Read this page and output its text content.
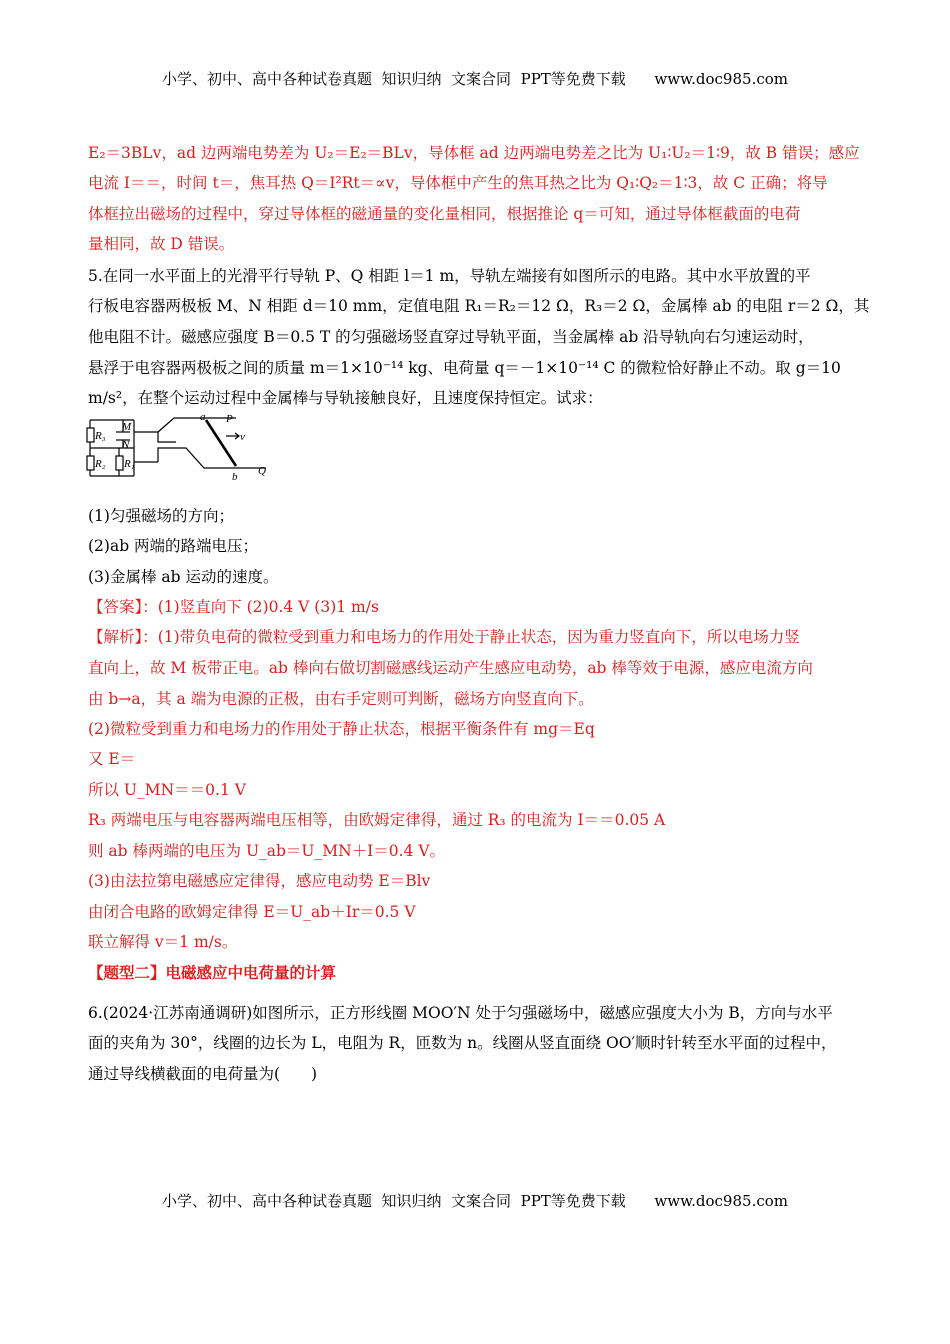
小学、初中、高中各种试卷真题  知识归纳  文案合同  PPT等免费下载      www.doc985.com
E₂＝3BLv，ad 边两端电势差为 U₂＝E₂＝BLv，导体框 ad 边两端电势差之比为 U₁∶U₂＝1∶9，故 B 错误；感应
电流 I＝＝，时间 t＝，焦耳热 Q＝I²Rt＝∝v，导体框中产生的焦耳热之比为 Q₁∶Q₂＝1∶3，故 C 正确；将导
体框拉出磁场的过程中，穿过导体框的磁通量的变化量相同，根据推论 q＝可知，通过导体框截面的电荷
量相同，故 D 错误。
5.在同一水平面上的光滑平行导轨 P、Q 相距 l＝1 m，导轨左端接有如图所示的电路。其中水平放置的平
行板电容器两极板 M、N 相距 d＝10 mm，定值电阻 R₁＝R₂＝12 Ω，R₃＝2 Ω，金属棒 ab 的电阻 r＝2 Ω，其
他电阻不计。磁感应强度 B＝0.5 T 的匀强磁场竖直穿过导轨平面，当金属棒 ab 沿导轨向右匀速运动时，
悬浮于电容器两极板之间的质量 m＝1×10⁻¹⁴ kg、电荷量 q＝－1×10⁻¹⁴ C 的微粒恰好静止不动。取 g＝10
m/s²，在整个运动过程中金属棒与导轨接触良好，且速度保持恒定。试求：
(1)匀强磁场的方向；
(2)ab 两端的路端电压；
(3)金属棒 ab 运动的速度。
【答案】：(1)竖直向下 (2)0.4 V (3)1 m/s
【解析】：(1)带负电荷的微粒受到重力和电场力的作用处于静止状态，因为重力竖直向下，所以电场力竖
直向上，故 M 板带正电。ab 棒向右做切割磁感线运动产生感应电动势，ab 棒等效于电源，感应电流方向
由 b→a，其 a 端为电源的正极，由右手定则可判断，磁场方向竖直向下。
(2)微粒受到重力和电场力的作用处于静止状态，根据平衡条件有 mg＝Eq
又 E＝
所以 U_MN＝＝0.1 V
R₃ 两端电压与电容器两端电压相等，由欧姆定律得，通过 R₃ 的电流为 I＝＝0.05 A
则 ab 棒两端的电压为 U_ab＝U_MN＋I＝0.4 V。
(3)由法拉第电磁感应定律得，感应电动势 E＝Blv
由闭合电路的欧姆定律得 E＝U_ab＋Ir＝0.5 V
联立解得 v＝1 m/s。
【题型二】电磁感应中电荷量的计算
6.(2024·江苏南通调研)如图所示，正方形线圈 MOO′N 处于匀强磁场中，磁感应强度大小为 B，方向与水平
面的夹角为 30°，线圈的边长为 L，电阻为 R，匝数为 n。线圈从竖直面绕 OO′顺时针转至水平面的过程中，
通过导线横截面的电荷量为(　　)
R₃
M
N
R₂ R₁
a P
v
b Q
小学、初中、高中各种试卷真题  知识归纳  文案合同  PPT等免费下载      www.doc985.com
